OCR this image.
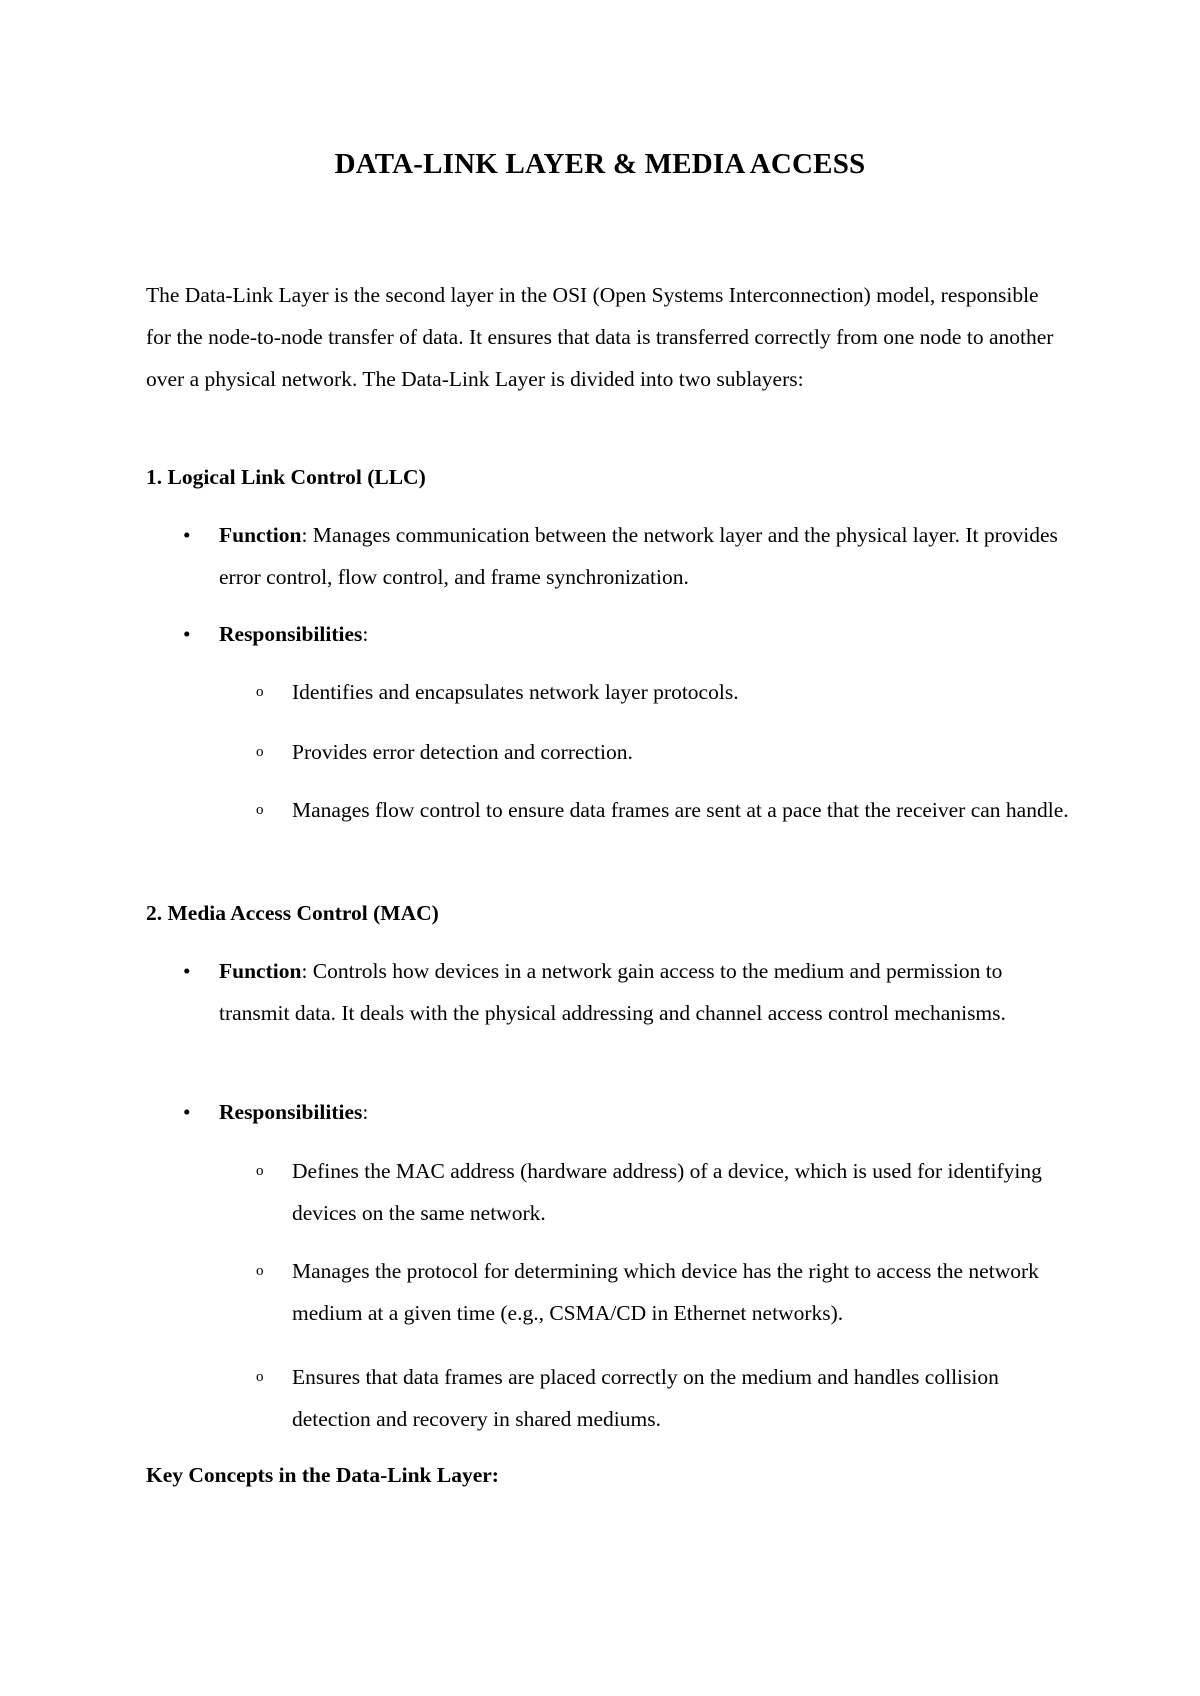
DATA-LINK LAYER & MEDIA ACCESS

The Data-Link Layer is the second layer in the OSI (Open Systems Interconnection) model, responsible for the node-to-node transfer of data. It ensures that data is transferred correctly from one node to another over a physical network. The Data-Link Layer is divided into two sublayers:

1. Logical Link Control (LLC)
• Function: Manages communication between the network layer and the physical layer. It provides error control, flow control, and frame synchronization.
• Responsibilities:
o Identifies and encapsulates network layer protocols.
o Provides error detection and correction.
o Manages flow control to ensure data frames are sent at a pace that the receiver can handle.
2. Media Access Control (MAC)
• Function: Controls how devices in a network gain access to the medium and permission to transmit data. It deals with the physical addressing and channel access control mechanisms.
• Responsibilities:
o Defines the MAC address (hardware address) of a device, which is used for identifying devices on the same network.
o Manages the protocol for determining which device has the right to access the network medium at a given time (e.g., CSMA/CD in Ethernet networks).
o Ensures that data frames are placed correctly on the medium and handles collision detection and recovery in shared mediums.
Key Concepts in the Data-Link Layer:
